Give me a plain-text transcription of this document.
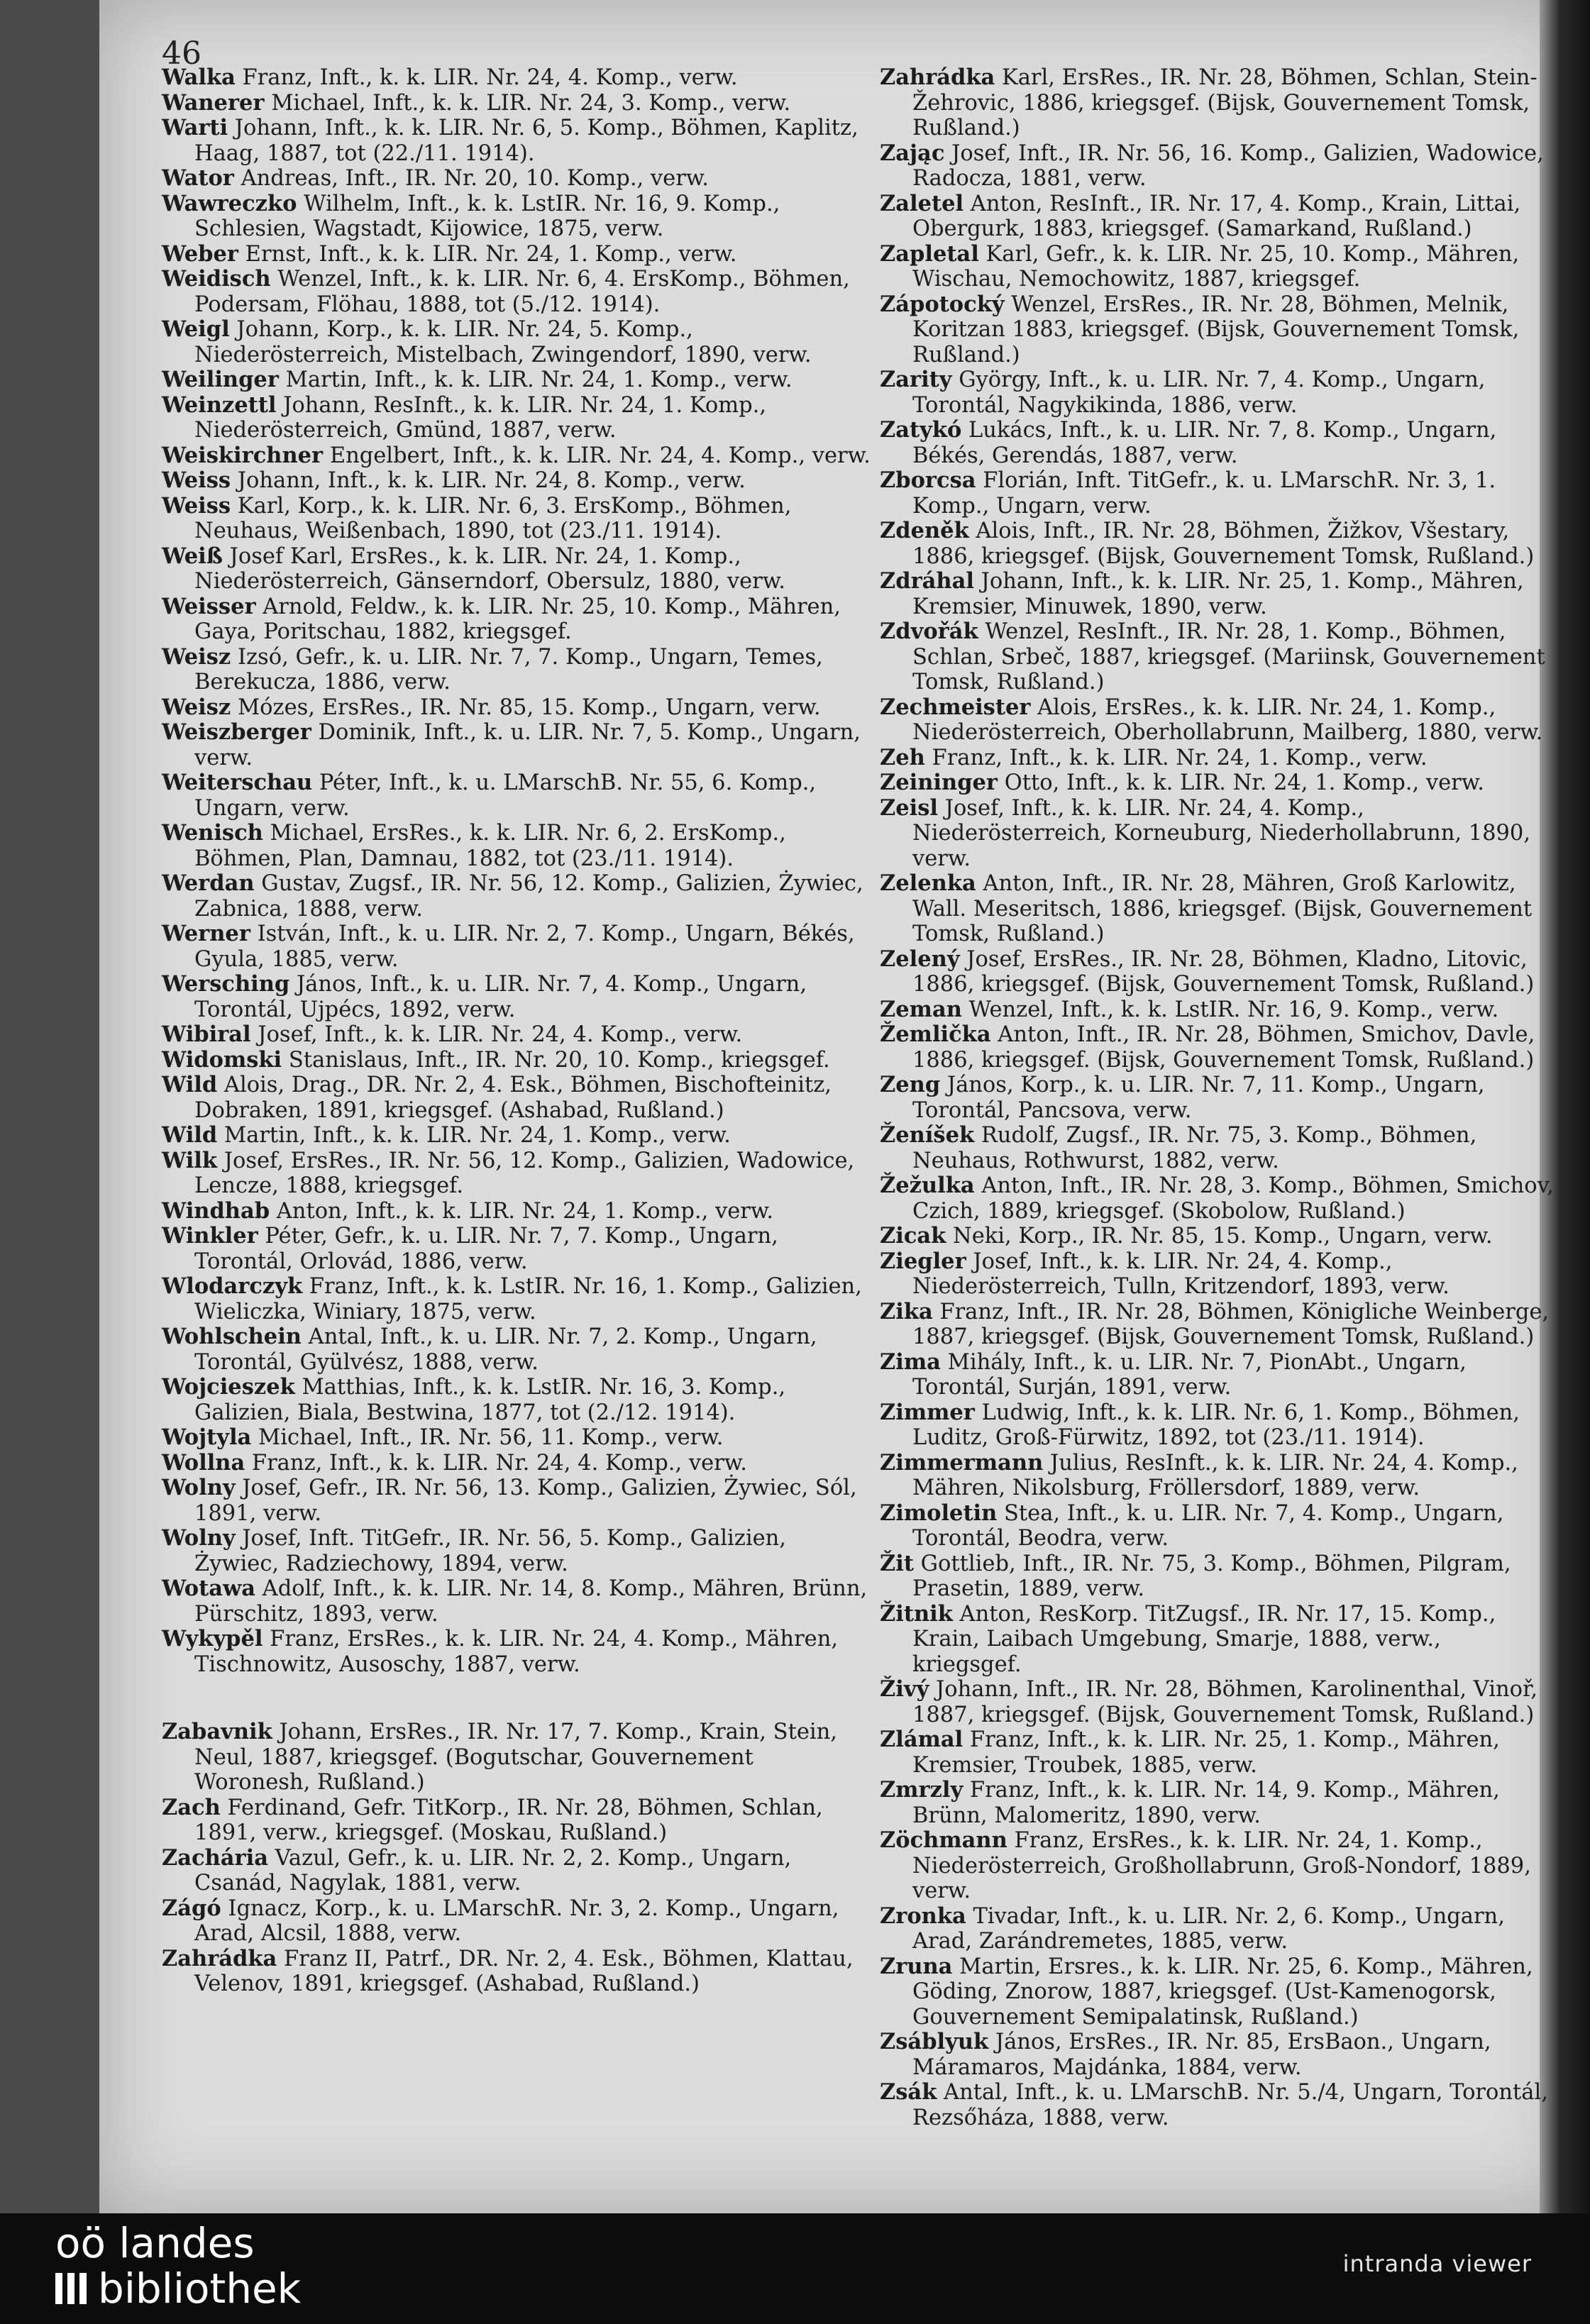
46

Walka Franz, Inft., k. k. LIR. Nr. 24, 4. Komp., verw.

Wanerer Michael, Inft., k. k. LIR. Nr. 24, 3. Komp., verw.

Warti Johann, Inft., k. k. LIR. Nr. 6, 5. Komp., Böhmen, Kaplitz, Haag, 1887, tot (22./11. 1914).

Wator Andreas, Inft., IR. Nr. 20, 10. Komp., verw.

Wawreczko Wilhelm, Inft., k. k. LstIR. Nr. 16, 9. Komp., Schlesien, Wagstadt, Kijowice, 1875, verw.

Weber Ernst, Inft., k. k. LIR. Nr. 24, 1. Komp., verw.

Weidisch Wenzel, Inft., k. k. LIR. Nr. 6, 4. ErsKomp., Böhmen, Podersam, Flöhau, 1888, tot (5./12. 1914).

Weigl Johann, Korp., k. k. LIR. Nr. 24, 5. Komp., Niederösterreich, Mistelbach, Zwingendorf, 1890, verw.

Weilinger Martin, Inft., k. k. LIR. Nr. 24, 1. Komp., verw.

Weinzettl Johann, ResInft., k. k. LIR. Nr. 24, 1. Komp., Niederösterreich, Gmünd, 1887, verw.

Weiskirchner Engelbert, Inft., k. k. LIR. Nr. 24, 4. Komp., verw.

Weiss Johann, Inft., k. k. LIR. Nr. 24, 8. Komp., verw.

Weiss Karl, Korp., k. k. LIR. Nr. 6, 3. ErsKomp., Böhmen, Neuhaus, Weißenbach, 1890, tot (23./11. 1914).

Weiß Josef Karl, ErsRes., k. k. LIR. Nr. 24, 1. Komp., Niederösterreich, Gänserndorf, Obersulz, 1880, verw.

Weisser Arnold, Feldw., k. k. LIR. Nr. 25, 10. Komp., Mähren, Gaya, Poritschau, 1882, kriegsgef.

Weisz Izsó, Gefr., k. u. LIR. Nr. 7, 7. Komp., Ungarn, Temes, Berekucza, 1886, verw.

Weisz Mózes, ErsRes., IR. Nr. 85, 15. Komp., Ungarn, verw.

Weiszberger Dominik, Inft., k. u. LIR. Nr. 7, 5. Komp., Ungarn, verw.

Weiterschau Péter, Inft., k. u. LMarschB. Nr. 55, 6. Komp., Ungarn, verw.

Wenisch Michael, ErsRes., k. k. LIR. Nr. 6, 2. ErsKomp., Böhmen, Plan, Damnau, 1882, tot (23./11. 1914).

Werdan Gustav, Zugsf., IR. Nr. 56, 12. Komp., Galizien, Żywiec, Zabnica, 1888, verw.

Werner István, Inft., k. u. LIR. Nr. 2, 7. Komp., Ungarn, Békés, Gyula, 1885, verw.

Wersching János, Inft., k. u. LIR. Nr. 7, 4. Komp., Ungarn, Torontál, Ujpécs, 1892, verw.

Wibiral Josef, Inft., k. k. LIR. Nr. 24, 4. Komp., verw.

Widomski Stanislaus, Inft., IR. Nr. 20, 10. Komp., kriegsgef.

Wild Alois, Drag., DR. Nr. 2, 4. Esk., Böhmen, Bischofteinitz, Dobraken, 1891, kriegsgef. (Ashabad, Rußland.)

Wild Martin, Inft., k. k. LIR. Nr. 24, 1. Komp., verw.

Wilk Josef, ErsRes., IR. Nr. 56, 12. Komp., Galizien, Wadowice, Lencze, 1888, kriegsgef.

Windhab Anton, Inft., k. k. LIR. Nr. 24, 1. Komp., verw.

Winkler Péter, Gefr., k. u. LIR. Nr. 7, 7. Komp., Ungarn, Torontál, Orlovád, 1886, verw.

Wlodarczyk Franz, Inft., k. k. LstIR. Nr. 16, 1. Komp., Galizien, Wieliczka, Winiary, 1875, verw.

Wohlschein Antal, Inft., k. u. LIR. Nr. 7, 2. Komp., Ungarn, Torontál, Gyülvész, 1888, verw.

Wojcieszek Matthias, Inft., k. k. LstIR. Nr. 16, 3. Komp., Galizien, Biala, Bestwina, 1877, tot (2./12. 1914).

Wojtyla Michael, Inft., IR. Nr. 56, 11. Komp., verw.

Wollna Franz, Inft., k. k. LIR. Nr. 24, 4. Komp., verw.

Wolny Josef, Gefr., IR. Nr. 56, 13. Komp., Galizien, Żywiec, Sól, 1891, verw.

Wolny Josef, Inft. TitGefr., IR. Nr. 56, 5. Komp., Galizien, Żywiec, Radziechowy, 1894, verw.

Wotawa Adolf, Inft., k. k. LIR. Nr. 14, 8. Komp., Mähren, Brünn, Pürschitz, 1893, verw.

Wykypěl Franz, ErsRes., k. k. LIR. Nr. 24, 4. Komp., Mähren, Tischnowitz, Ausoschy, 1887, verw.

Zabavnik Johann, ErsRes., IR. Nr. 17, 7. Komp., Krain, Stein, Neul, 1887, kriegsgef. (Bogutschar, Gouvernement Woronesh, Rußland.)

Zach Ferdinand, Gefr. TitKorp., IR. Nr. 28, Böhmen, Schlan, 1891, verw., kriegsgef. (Moskau, Rußland.)

Zachária Vazul, Gefr., k. u. LIR. Nr. 2, 2. Komp., Ungarn, Csanád, Nagylak, 1881, verw.

Zágó Ignacz, Korp., k. u. LMarschR. Nr. 3, 2. Komp., Ungarn, Arad, Alcsil, 1888, verw.

Zahrádka Franz II, Patrf., DR. Nr. 2, 4. Esk., Böhmen, Klattau, Velenov, 1891, kriegsgef. (Ashabad, Rußland.)

Zahrádka Karl, ErsRes., IR. Nr. 28, Böhmen, Schlan, Stein-Žehrovic, 1886, kriegsgef. (Bijsk, Gouvernement Tomsk, Rußland.)

Zając Josef, Inft., IR. Nr. 56, 16. Komp., Galizien, Wadowice, Radocza, 1881, verw.

Zaletel Anton, ResInft., IR. Nr. 17, 4. Komp., Krain, Littai, Obergurk, 1883, kriegsgef. (Samarkand, Rußland.)

Zapletal Karl, Gefr., k. k. LIR. Nr. 25, 10. Komp., Mähren, Wischau, Nemochowitz, 1887, kriegsgef.

Zápotocký Wenzel, ErsRes., IR. Nr. 28, Böhmen, Melnik, Koritzan 1883, kriegsgef. (Bijsk, Gouvernement Tomsk, Rußland.)

Zarity György, Inft., k. u. LIR. Nr. 7, 4. Komp., Ungarn, Torontál, Nagykikinda, 1886, verw.

Zatykó Lukács, Inft., k. u. LIR. Nr. 7, 8. Komp., Ungarn, Békés, Gerendás, 1887, verw.

Zborcsa Florián, Inft. TitGefr., k. u. LMarschR. Nr. 3, 1. Komp., Ungarn, verw.

Zdeněk Alois, Inft., IR. Nr. 28, Böhmen, Žižkov, Všestary, 1886, kriegsgef. (Bijsk, Gouvernement Tomsk, Rußland.)

Zdráhal Johann, Inft., k. k. LIR. Nr. 25, 1. Komp., Mähren, Kremsier, Minuwek, 1890, verw.

Zdvořák Wenzel, ResInft., IR. Nr. 28, 1. Komp., Böhmen, Schlan, Srbeč, 1887, kriegsgef. (Mariinsk, Gouvernement Tomsk, Rußland.)

Zechmeister Alois, ErsRes., k. k. LIR. Nr. 24, 1. Komp., Niederösterreich, Oberhollabrunn, Mailberg, 1880, verw.

Zeh Franz, Inft., k. k. LIR. Nr. 24, 1. Komp., verw.

Zeininger Otto, Inft., k. k. LIR. Nr. 24, 1. Komp., verw.

Zeisl Josef, Inft., k. k. LIR. Nr. 24, 4. Komp., Niederösterreich, Korneuburg, Niederhollabrunn, 1890, verw.

Zelenka Anton, Inft., IR. Nr. 28, Mähren, Groß Karlowitz, Wall. Meseritsch, 1886, kriegsgef. (Bijsk, Gouvernement Tomsk, Rußland.)

Zelený Josef, ErsRes., IR. Nr. 28, Böhmen, Kladno, Litovic, 1886, kriegsgef. (Bijsk, Gouvernement Tomsk, Rußland.)

Zeman Wenzel, Inft., k. k. LstIR. Nr. 16, 9. Komp., verw.

Žemlička Anton, Inft., IR. Nr. 28, Böhmen, Smichov, Davle, 1886, kriegsgef. (Bijsk, Gouvernement Tomsk, Rußland.)

Zeng János, Korp., k. u. LIR. Nr. 7, 11. Komp., Ungarn, Torontál, Pancsova, verw.

Ženíšek Rudolf, Zugsf., IR. Nr. 75, 3. Komp., Böhmen, Neuhaus, Rothwurst, 1882, verw.

Žežulka Anton, Inft., IR. Nr. 28, 3. Komp., Böhmen, Smichov, Czich, 1889, kriegsgef. (Skobolow, Rußland.)

Zicak Neki, Korp., IR. Nr. 85, 15. Komp., Ungarn, verw.

Ziegler Josef, Inft., k. k. LIR. Nr. 24, 4. Komp., Niederösterreich, Tulln, Kritzendorf, 1893, verw.

Zika Franz, Inft., IR. Nr. 28, Böhmen, Königliche Weinberge, 1887, kriegsgef. (Bijsk, Gouvernement Tomsk, Rußland.)

Zima Mihály, Inft., k. u. LIR. Nr. 7, PionAbt., Ungarn, Torontál, Surján, 1891, verw.

Zimmer Ludwig, Inft., k. k. LIR. Nr. 6, 1. Komp., Böhmen, Luditz, Groß-Fürwitz, 1892, tot (23./11. 1914).

Zimmermann Julius, ResInft., k. k. LIR. Nr. 24, 4. Komp., Mähren, Nikolsburg, Fröllersdorf, 1889, verw.

Zimoletin Stea, Inft., k. u. LIR. Nr. 7, 4. Komp., Ungarn, Torontál, Beodra, verw.

Žit Gottlieb, Inft., IR. Nr. 75, 3. Komp., Böhmen, Pilgram, Prasetin, 1889, verw.

Žitnik Anton, ResKorp. TitZugsf., IR. Nr. 17, 15. Komp., Krain, Laibach Umgebung, Smarje, 1888, verw., kriegsgef.

Živý Johann, Inft., IR. Nr. 28, Böhmen, Karolinenthal, Vinoř, 1887, kriegsgef. (Bijsk, Gouvernement Tomsk, Rußland.)

Zlámal Franz, Inft., k. k. LIR. Nr. 25, 1. Komp., Mähren, Kremsier, Troubek, 1885, verw.

Zmrzly Franz, Inft., k. k. LIR. Nr. 14, 9. Komp., Mähren, Brünn, Malomeritz, 1890, verw.

Zöchmann Franz, ErsRes., k. k. LIR. Nr. 24, 1. Komp., Niederösterreich, Großhollabrunn, Groß-Nondorf, 1889, verw.

Zronka Tivadar, Inft., k. u. LIR. Nr. 2, 6. Komp., Ungarn, Arad, Zarándremetes, 1885, verw.

Zruna Martin, Ersres., k. k. LIR. Nr. 25, 6. Komp., Mähren, Göding, Znorow, 1887, kriegsgef. (Ust-Kamenogorsk, Gouvernement Semipalatinsk, Rußland.)

Zsáblyuk János, ErsRes., IR. Nr. 85, ErsBaon., Ungarn, Máramaros, Majdánka, 1884, verw.

Zsák Antal, Inft., k. u. LMarschB. Nr. 5./4, Ungarn, Torontál, Rezsőháza, 1888, verw.

oö landes
bibliothek
intranda viewer
